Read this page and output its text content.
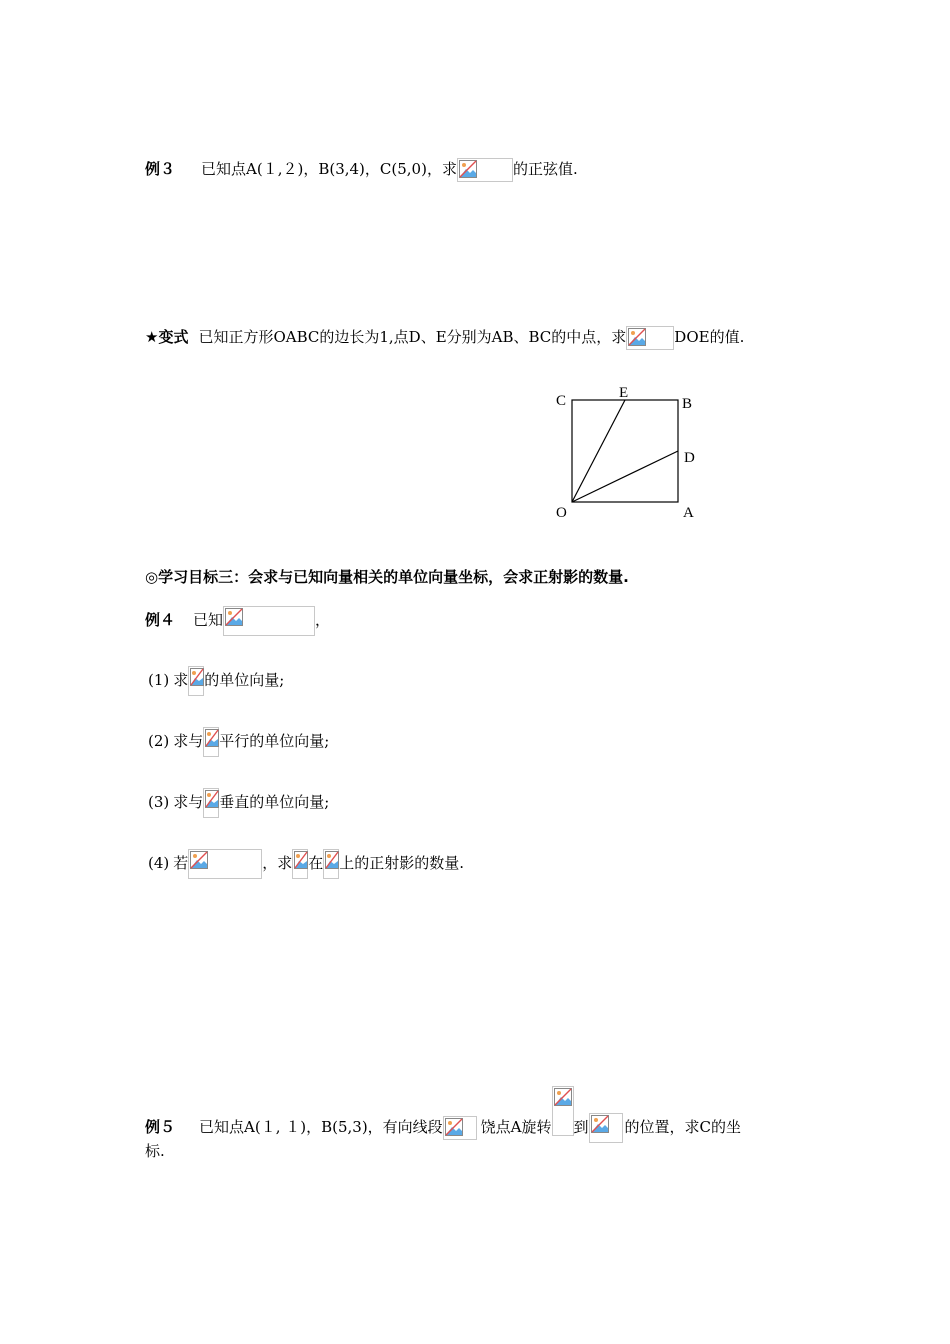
例３ 已知点A(１,２)，B(3,4)，C(5,0)，求	的正弦值.
★变式 已知正方形OABC的边长为1,点D、E分别为AB、BC的中点，求	DOE的值.
C	E
B
D
O	A
◎学习目标三：会求与已知向量相关的单位向量坐标，会求正射影的数量.
例４ 已知	，
(1) 求 的单位向量;
(2) 求与 平行的单位向量;
(3) 求与 垂直的单位向量;
(4) 若	，求 在 上的正射影的数量.
例５ 已知点A(１, １)，B(5,3)，有向线段	饶点A旋转 到 的位置，求C的坐
标.
